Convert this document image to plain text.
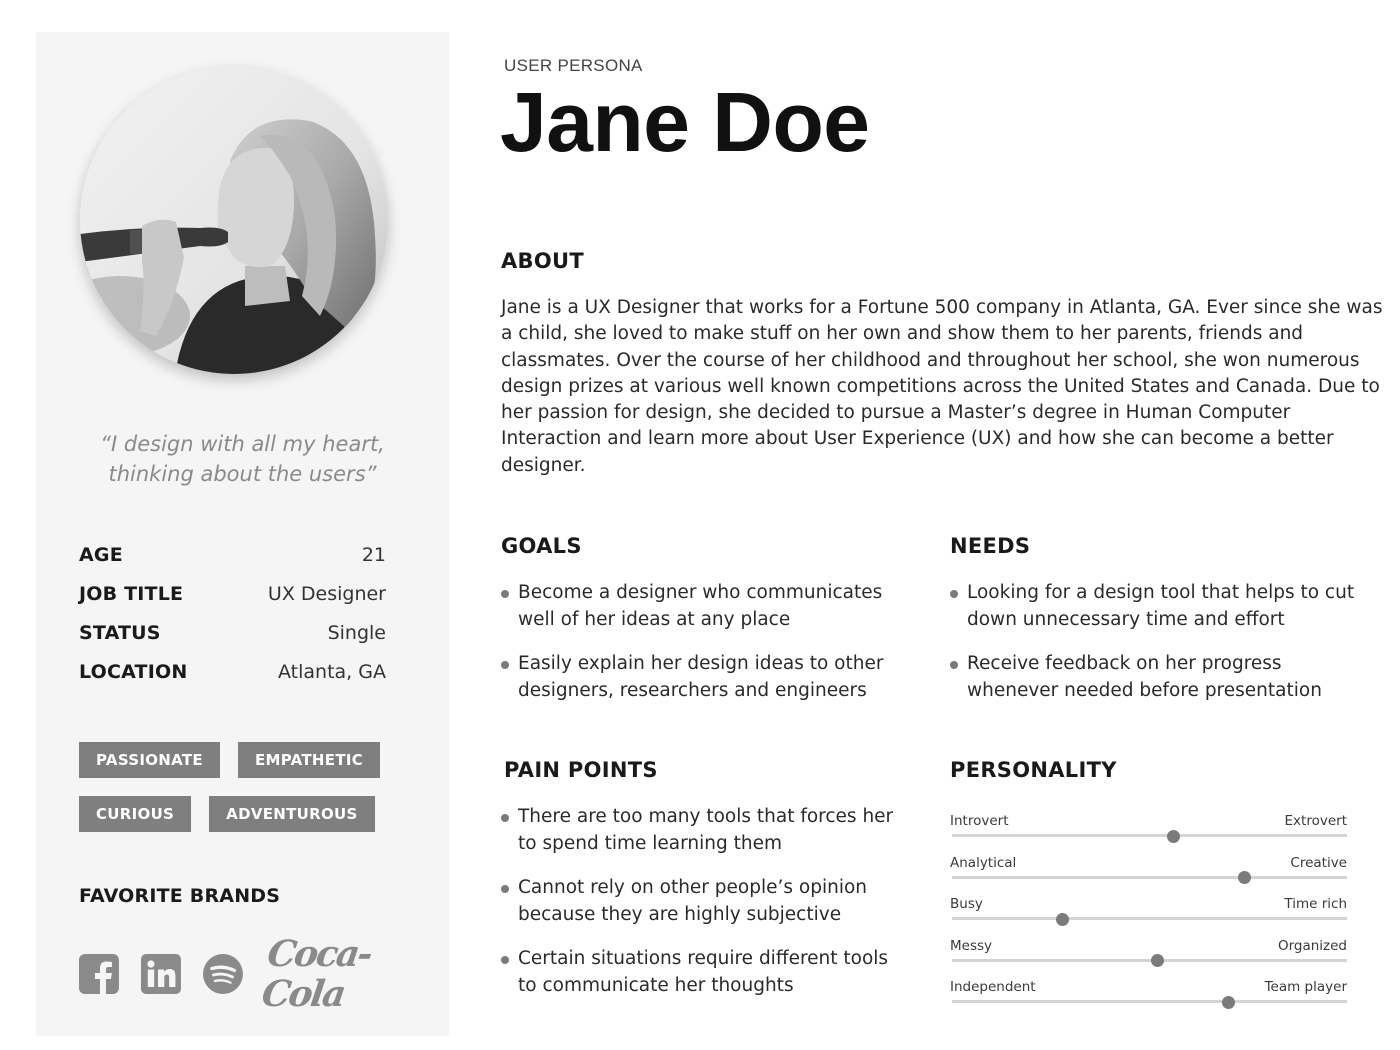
“I design with all my heart,
thinking about the users”
AGE	21
JOB TITLE	UX Designer
STATUS	Single
LOCATION	Atlanta, GA
PASSIONATE	EMPATHETIC
CURIOUS	ADVENTUROUS
FAVORITE BRANDS
Coca-Cola
USER PERSONA
Jane Doe
ABOUT
Jane is a UX Designer that works for a Fortune 500 company in Atlanta, GA. Ever since she was
a child, she loved to make stuff on her own and show them to her parents, friends and
classmates. Over the course of her childhood and throughout her school, she won numerous
design prizes at various well known competitions across the United States and Canada. Due to
her passion for design, she decided to pursue a Master’s degree in Human Computer
Interaction and learn more about User Experience (UX) and how she can become a better
designer.
GOALS
Become a designer who communicates
well of her ideas at any place
Easily explain her design ideas to other
designers, researchers and engineers
NEEDS
Looking for a design tool that helps to cut
down unnecessary time and effort
Receive feedback on her progress
whenever needed before presentation
PAIN POINTS
There are too many tools that forces her
to spend time learning them
Cannot rely on other people’s opinion
because they are highly subjective
Certain situations require different tools
to communicate her thoughts
PERSONALITY
Introvert	Extrovert
Analytical	Creative
Busy	Time rich
Messy	Organized
Independent	Team player
